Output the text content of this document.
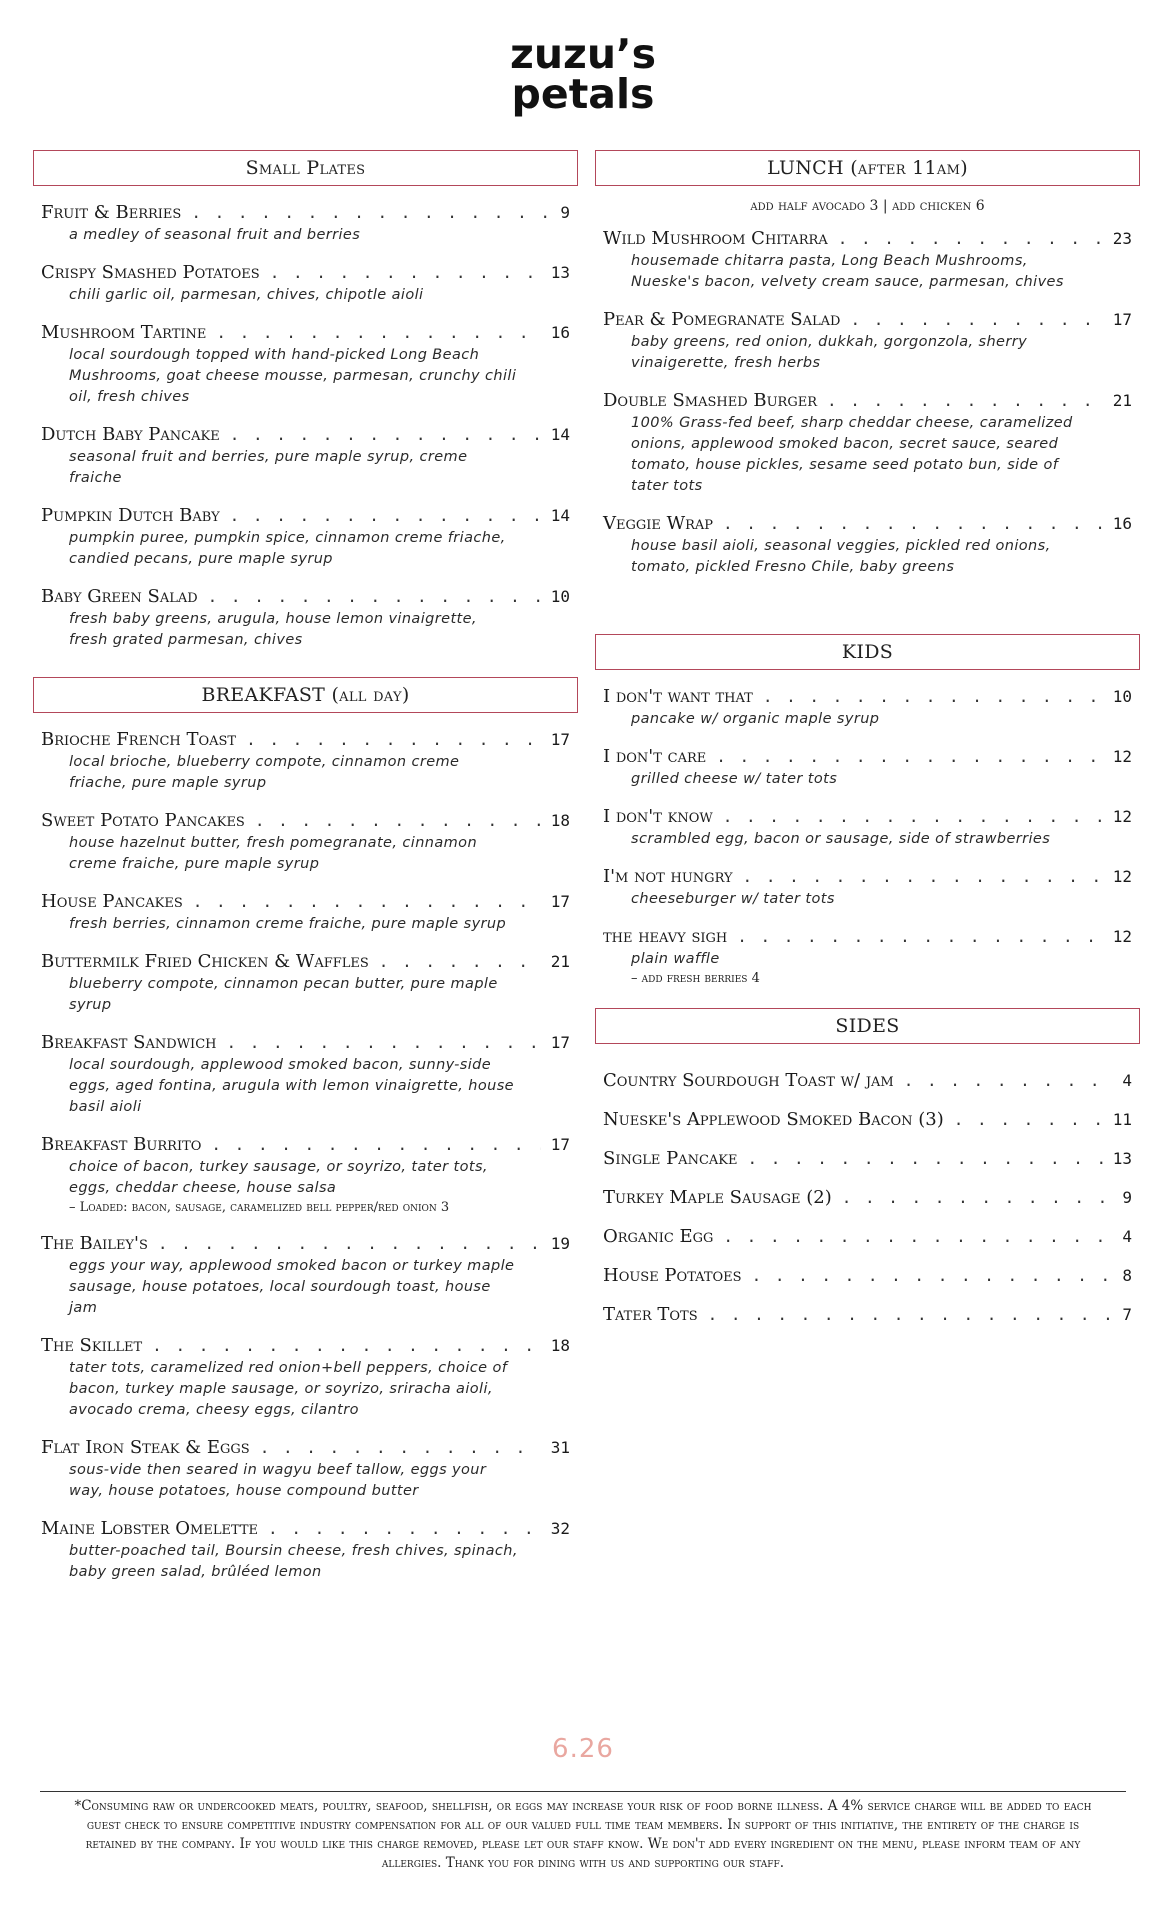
zuzu’s
petals
Small Plates
Fruit & Berries . . .	9
a medley of seasonal fruit and berries
Crispy Smashed Potatoes . . .	13
chili garlic oil, parmesan, chives, chipotle aioli
Mushroom Tartine . . .	16
local sourdough topped with hand-picked Long Beach Mushrooms, goat cheese mousse, parmesan, crunchy chili oil, fresh chives
Dutch Baby Pancake . . .	14
seasonal fruit and berries, pure maple syrup, creme fraiche
Pumpkin Dutch Baby . . .	14
pumpkin puree, pumpkin spice, cinnamon creme friache, candied pecans, pure maple syrup
Baby Green Salad . . .	10
fresh baby greens, arugula, house lemon vinaigrette, fresh grated parmesan, chives
BREAKFAST (all day)
Brioche French Toast . . .	17
local brioche, blueberry compote, cinnamon creme friache, pure maple syrup
Sweet Potato Pancakes . . .	18
house hazelnut butter, fresh pomegranate, cinnamon creme fraiche, pure maple syrup
House Pancakes . . .	17
fresh berries, cinnamon creme fraiche, pure maple syrup
Buttermilk Fried Chicken & Waffles . . .	21
blueberry compote, cinnamon pecan butter, pure maple syrup
Breakfast Sandwich . . .	17
local sourdough, applewood smoked bacon, sunny-side eggs, aged fontina, arugula with lemon vinaigrette, house basil aioli
Breakfast Burrito . . .	17
choice of bacon, turkey sausage, or soyrizo, tater tots, eggs, cheddar cheese, house salsa
– Loaded: bacon, sausage, caramelized bell pepper/red onion 3
The Bailey's . . .	19
eggs your way, applewood smoked bacon or turkey maple sausage, house potatoes, local sourdough toast, house jam
The Skillet . . .	18
tater tots, caramelized red onion+bell peppers, choice of bacon, turkey maple sausage, or soyrizo, sriracha aioli, avocado crema, cheesy eggs, cilantro
Flat Iron Steak & Eggs . . .	31
sous-vide then seared in wagyu beef tallow, eggs your way, house potatoes, house compound butter
Maine Lobster Omelette . . .	32
butter-poached tail, Boursin cheese, fresh chives, spinach, baby green salad, brûléed lemon
LUNCH (after 11am)
add half avocado 3 | add chicken 6
Wild Mushroom Chitarra . . .	23
housemade chitarra pasta, Long Beach Mushrooms, Nueske's bacon, velvety cream sauce, parmesan, chives
Pear & Pomegranate Salad . . .	17
baby greens, red onion, dukkah, gorgonzola, sherry vinaigerette, fresh herbs
Double Smashed Burger . . .	21
100% Grass-fed beef, sharp cheddar cheese, caramelized onions, applewood smoked bacon, secret sauce, seared tomato, house pickles, sesame seed potato bun, side of tater tots
Veggie Wrap . . .	16
house basil aioli, seasonal veggies, pickled red onions, tomato, pickled Fresno Chile, baby greens
KIDS
I don't want that . . .	10
pancake w/ organic maple syrup
I don't care . . .	12
grilled cheese w/ tater tots
I don't know . . .	12
scrambled egg, bacon or sausage, side of strawberries
I'm not hungry . . .	12
cheeseburger w/ tater tots
the heavy sigh . . .	12
plain waffle
– add fresh berries 4
SIDES
Country Sourdough Toast w/ jam . . .	4
Nueske's Applewood Smoked Bacon (3) . . .	11
Single Pancake . . .	13
Turkey Maple Sausage (2) . . .	9
Organic Egg . . .	4
House Potatoes . . .	8
Tater Tots . . .	7
6.26
*Consuming raw or undercooked meats, poultry, seafood, shellfish, or eggs may increase your risk of food borne illness. A 4% service charge will be added to each guest check to ensure competitive industry compensation for all of our valued full time team members. In support of this initiative, the entirety of the charge is retained by the company. If you would like this charge removed, please let our staff know. We don't add every ingredient on the menu, please inform team of any allergies. Thank you for dining with us and supporting our staff.
